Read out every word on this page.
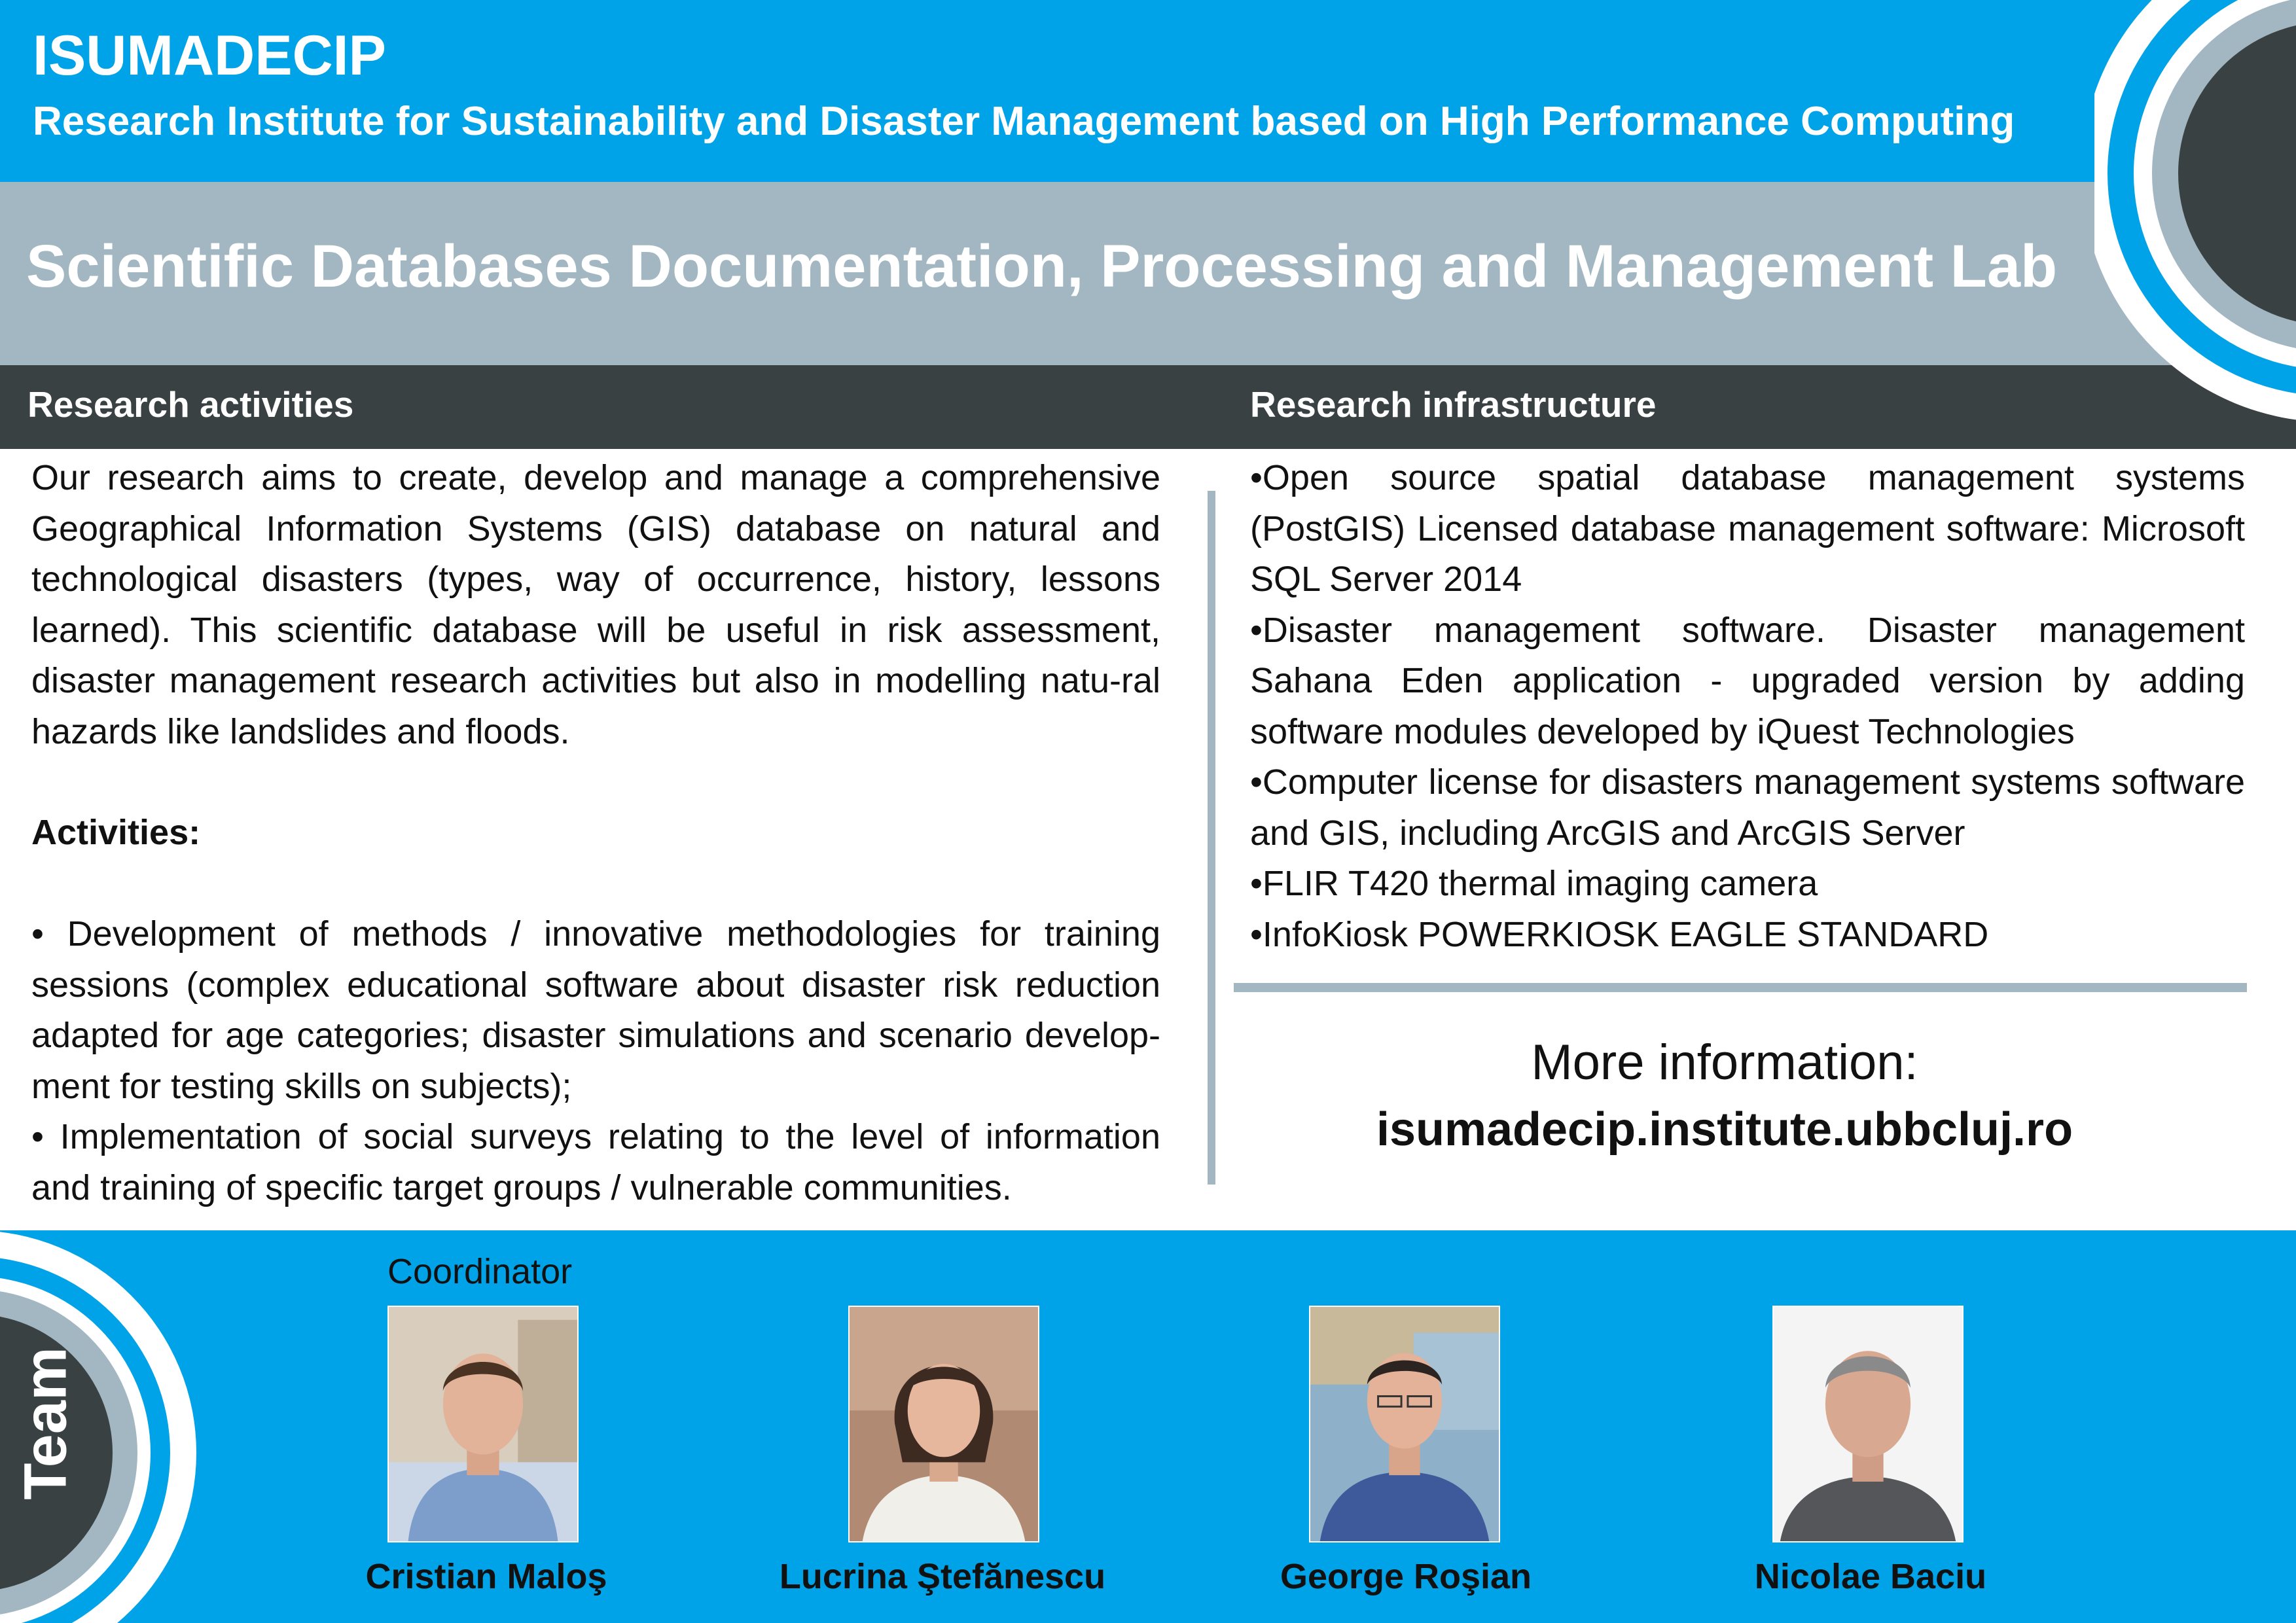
ISUMADECIP
Research Institute for Sustainability and Disaster Management based on High Performance Computing
Scientific Databases Documentation, Processing and Management Lab
Research activities	Research infrastructure
Our research aims to create, develop and manage a comprehensive Geographical Information Systems (GIS) database on natural and technological disasters (types, way of occurrence, history, lessons learned). This scientific database will be useful in risk assessment, disaster management research activities but also in modelling natu-ral hazards like landslides and floods.
Activities:
• Development of methods / innovative methodologies for training sessions (complex educational software about disaster risk reduction adapted for age categories; disaster simulations and scenario develop-ment for testing skills on subjects);
• Implementation of social surveys relating to the level of information and training of specific target groups / vulnerable communities.
•Open source spatial database management systems (PostGIS) Licensed database management software: Microsoft SQL Server 2014
•Disaster management software. Disaster management Sahana Eden application - upgraded version by adding software modules developed by iQuest Technologies
•Computer license for disasters management systems software and GIS, including ArcGIS and ArcGIS Server
•FLIR T420 thermal imaging camera
•InfoKiosk POWERKIOSK EAGLE STANDARD
More information:
isumadecip.institute.ubbcluj.ro
Team
Coordinator
Cristian Maloş	Lucrina Ştefănescu	George Roşian	Nicolae Baciu
